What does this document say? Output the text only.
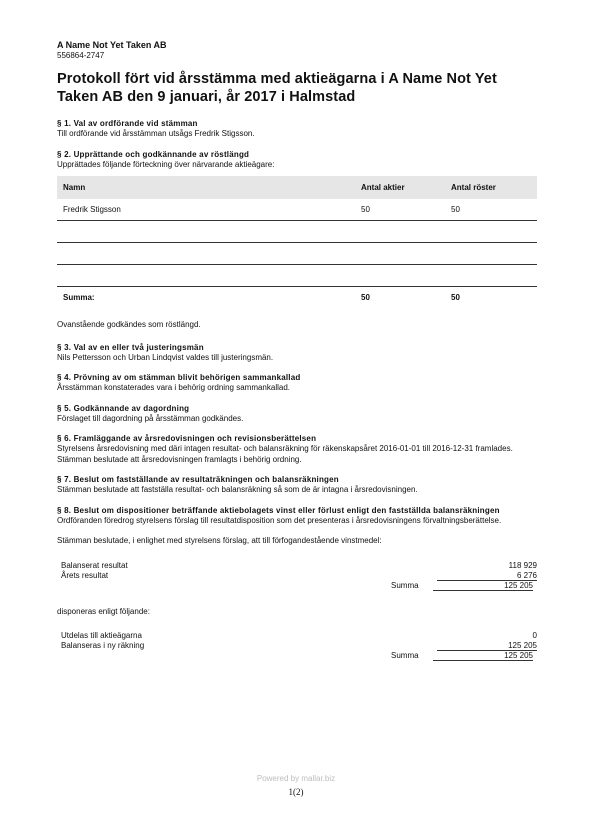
A Name Not Yet Taken AB
556864-2747
Protokoll fört vid årsstämma med aktieägarna i A Name Not Yet Taken AB den 9 januari, år 2017 i Halmstad
§ 1. Val av ordförande vid stämman
Till ordförande vid årsstämman utsågs Fredrik Stigsson.
§ 2. Upprättande och godkännande av röstlängd
Upprättades följande förteckning över närvarande aktieägare:
Namn	Antal aktier	Antal röster
Fredrik Stigsson	50	50
Summa:	50	50
Ovanstående godkändes som röstlängd.
§ 3. Val av en eller två justeringsmän
Nils Pettersson och Urban Lindqvist valdes till justeringsmän.
§ 4. Prövning av om stämman blivit behörigen sammankallad
Årsstämman konstaterades vara i behörig ordning sammankallad.
§ 5. Godkännande av dagordning
Förslaget till dagordning på årsstämman godkändes.
§ 6. Framläggande av årsredovisningen och revisionsberättelsen
Styrelsens årsredovisning med däri intagen resultat- och balansräkning för räkenskapsåret 2016-01-01 till 2016-12-31 framlades. Stämman beslutade att årsredovisningen framlagts i behörig ordning.
§ 7. Beslut om fastställande av resultaträkningen och balansräkningen
Stämman beslutade att fastställa resultat- och balansräkning så som de är intagna i årsredovisningen.
§ 8. Beslut om dispositioner beträffande aktiebolagets vinst eller förlust enligt den fastställda balansräkningen
Ordföranden föredrog styrelsens förslag till resultatdisposition som det presenteras i årsredovisningens förvaltningsberättelse.
Stämman beslutade, i enlighet med styrelsens förslag, att till förfogandestående vinstmedel:
Balanserat resultat	118 929
Årets resultat	6 276
Summa	125 205
disponeras enligt följande:
Utdelas till aktieägarna	0
Balanseras i ny räkning	125 205
Summa	125 205
Powered by mallar.biz
1(2)
